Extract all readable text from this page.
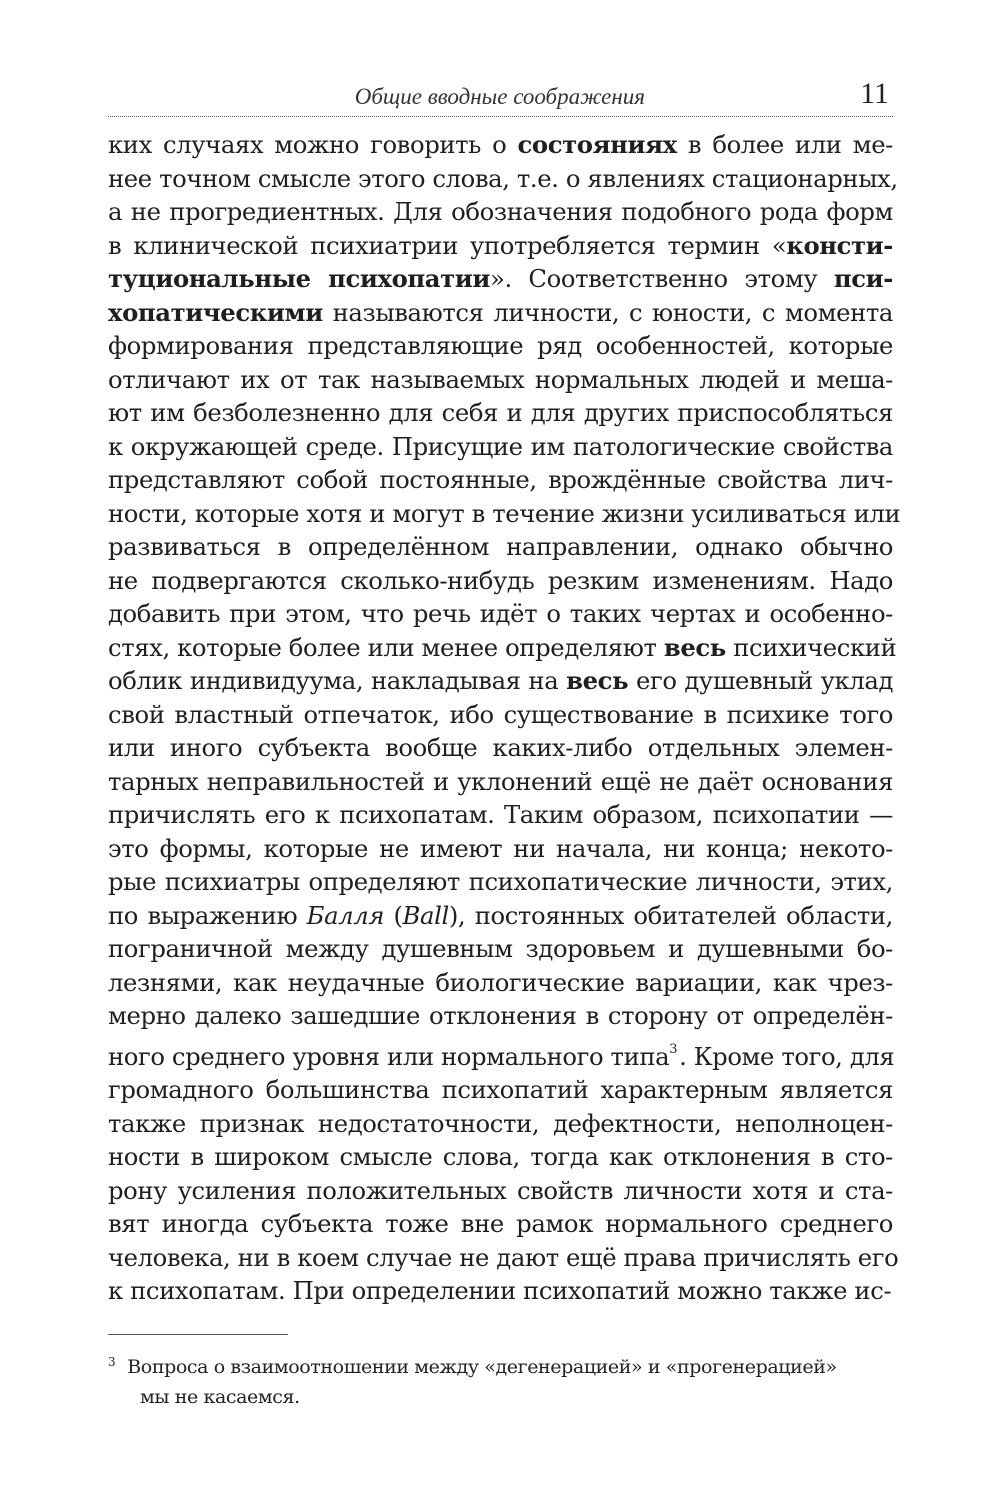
Общие вводные соображения	11
ких случаях можно говорить о состояниях в более или ме-
нее точном смысле этого слова, т.е. о явлениях стационарных,
а не прогредиентных. Для обозначения подобного рода форм
в клинической психиатрии употребляется термин «консти-
туциональные психопатии». Соответственно этому пси-
хопатическими называются личности, с юности, с момента
формирования представляющие ряд особенностей, которые
отличают их от так называемых нормальных людей и меша-
ют им безболезненно для себя и для других приспособляться
к окружающей среде. Присущие им патологические свойства
представляют собой постоянные, врождённые свойства лич-
ности, которые хотя и могут в течение жизни усиливаться или
развиваться в определённом направлении, однако обычно
не подвергаются сколько-нибудь резким изменениям. Надо
добавить при этом, что речь идёт о таких чертах и особенно-
стях, которые более или менее определяют весь психический
облик индивидуума, накладывая на весь его душевный уклад
свой властный отпечаток, ибо существование в психике того
или иного субъекта вообще каких-либо отдельных элемен-
тарных неправильностей и уклонений ещё не даёт основания
причислять его к психопатам. Таким образом, психопатии —
это формы, которые не имеют ни начала, ни конца; некото-
рые психиатры определяют психопатические личности, этих,
по выражению Балля (Ball), постоянных обитателей области,
пограничной между душевным здоровьем и душевными бо-
лезнями, как неудачные биологические вариации, как чрез-
мерно далеко зашедшие отклонения в сторону от определён-
ного среднего уровня или нормального типа$^3$. Кроме того, для
громадного большинства психопатий характерным является
также признак недостаточности, дефектности, неполноцен-
ности в широком смысле слова, тогда как отклонения в сто-
рону усиления положительных свойств личности хотя и ста-
вят иногда субъекта тоже вне рамок нормального среднего
человека, ни в коем случае не дают ещё права причислять его
к психопатам. При определении психопатий можно также ис-
$^3$ Вопроса о взаимоотношении между «дегенерацией» и «прогенерацией»
мы не касаемся.
